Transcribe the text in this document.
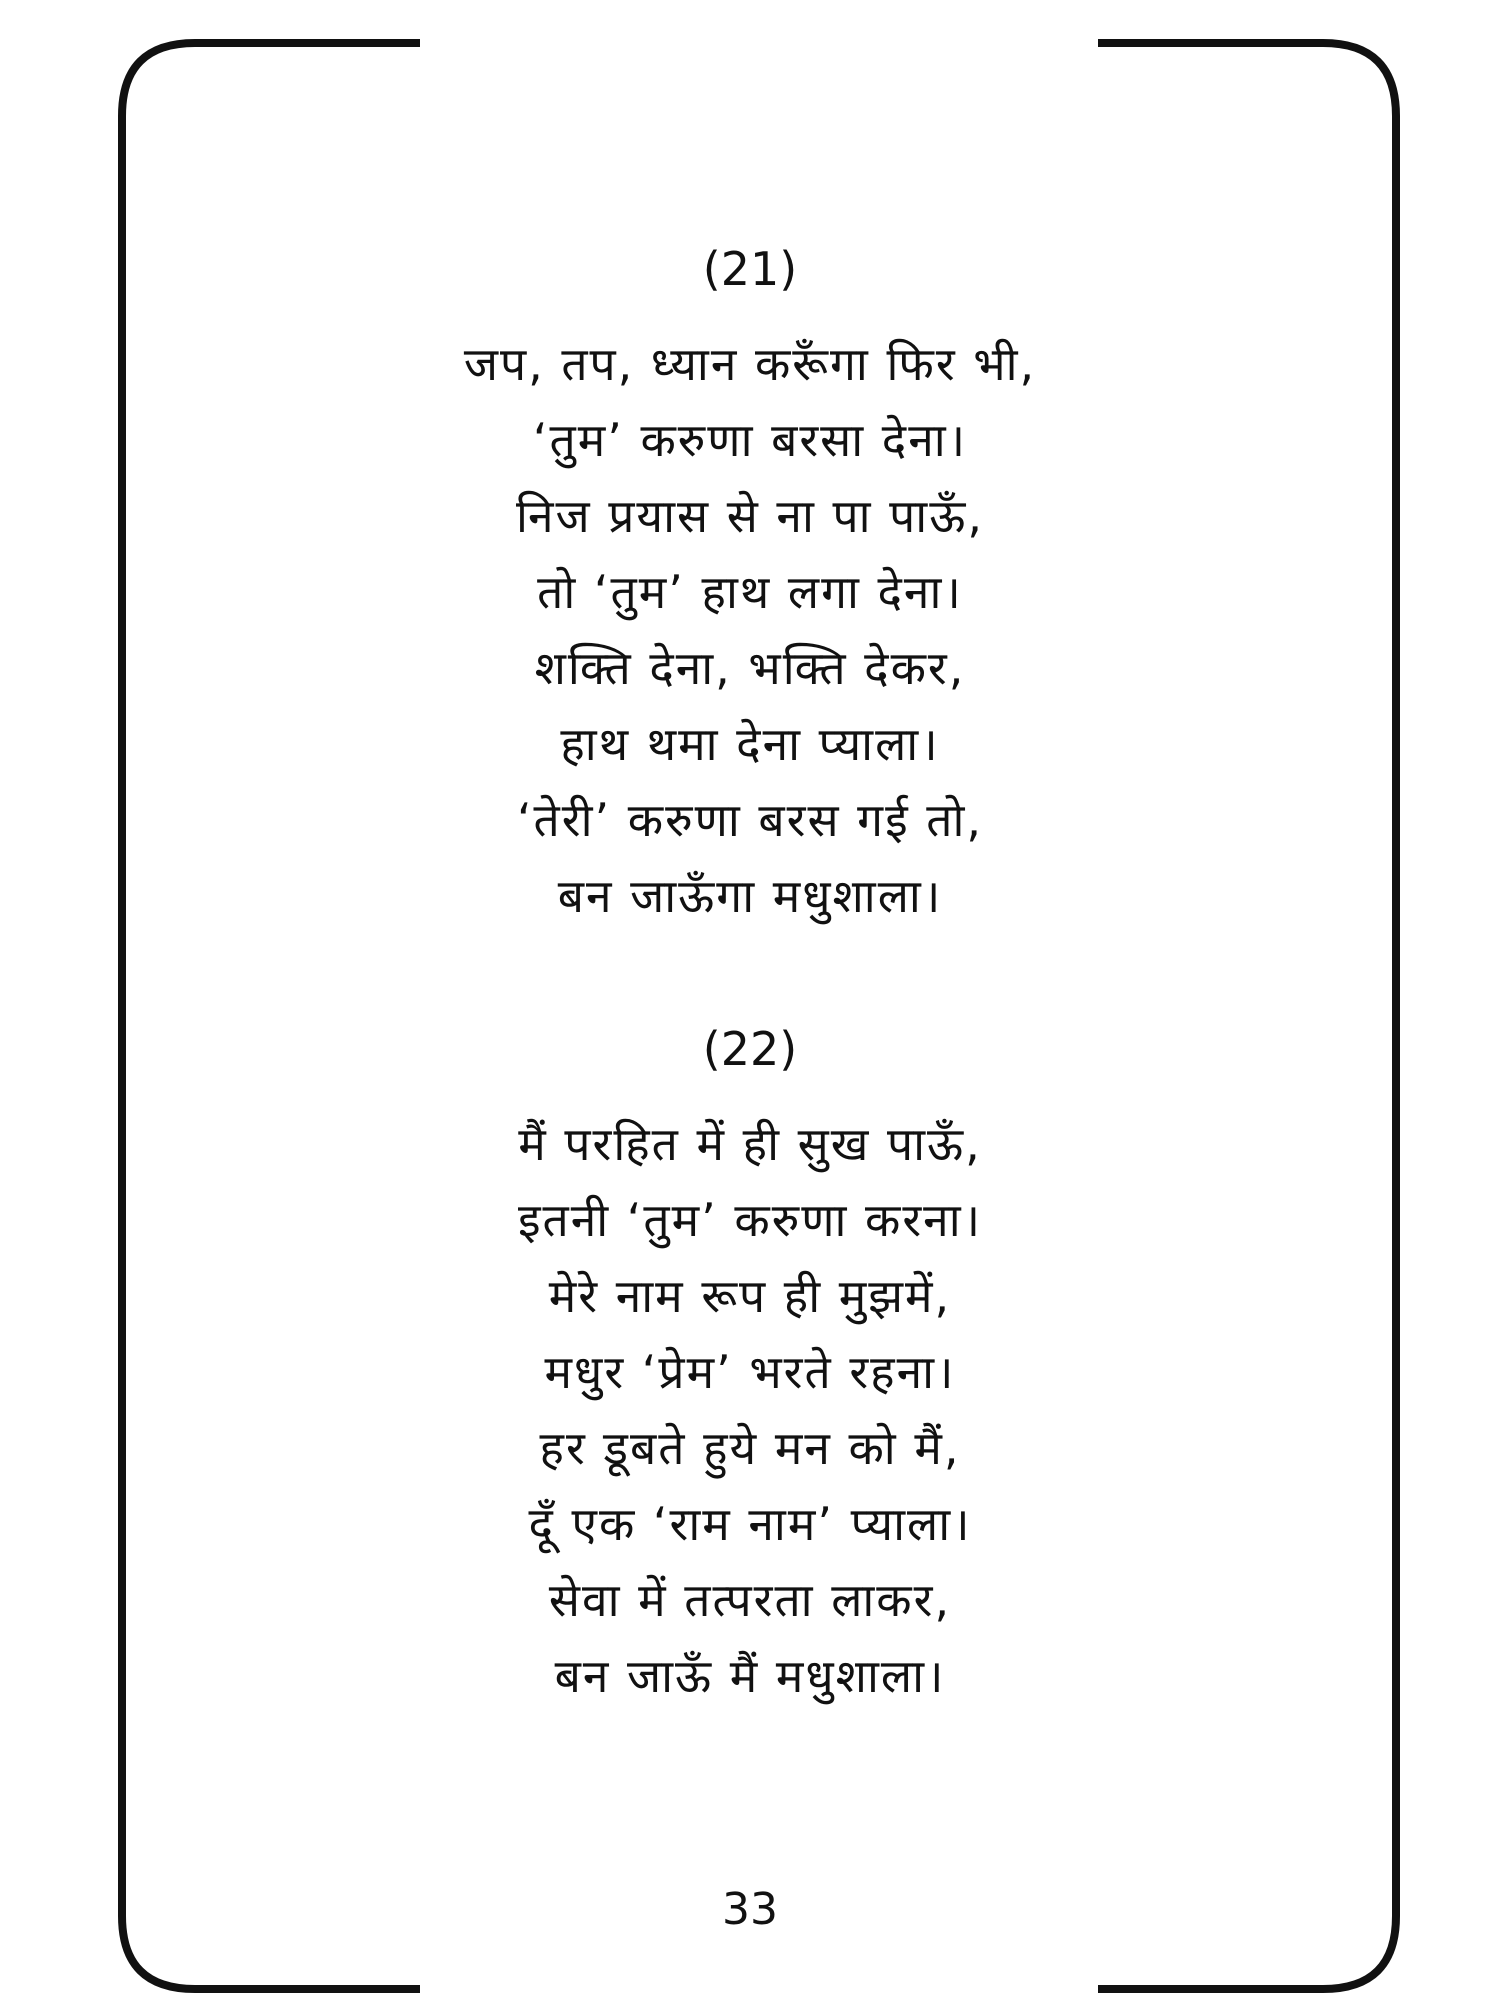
(21)
जप, तप, ध्यान करूँगा फिर भी,
‘तुम’ करुणा बरसा देना।
निज प्रयास से ना पा पाऊँ,
तो ‘तुम’ हाथ लगा देना।
शक्ति देना, भक्ति देकर,
हाथ थमा देना प्याला।
‘तेरी’ करुणा बरस गई तो,
बन जाऊँगा मधुशाला।
(22)
मैं परहित में ही सुख पाऊँ,
इतनी ‘तुम’ करुणा करना।
मेरे नाम रूप ही मुझमें,
मधुर ‘प्रेम’ भरते रहना।
हर डूबते हुये मन को मैं,
दूँ एक ‘राम नाम’ प्याला।
सेवा में तत्परता लाकर,
बन जाऊँ मैं मधुशाला।
33
